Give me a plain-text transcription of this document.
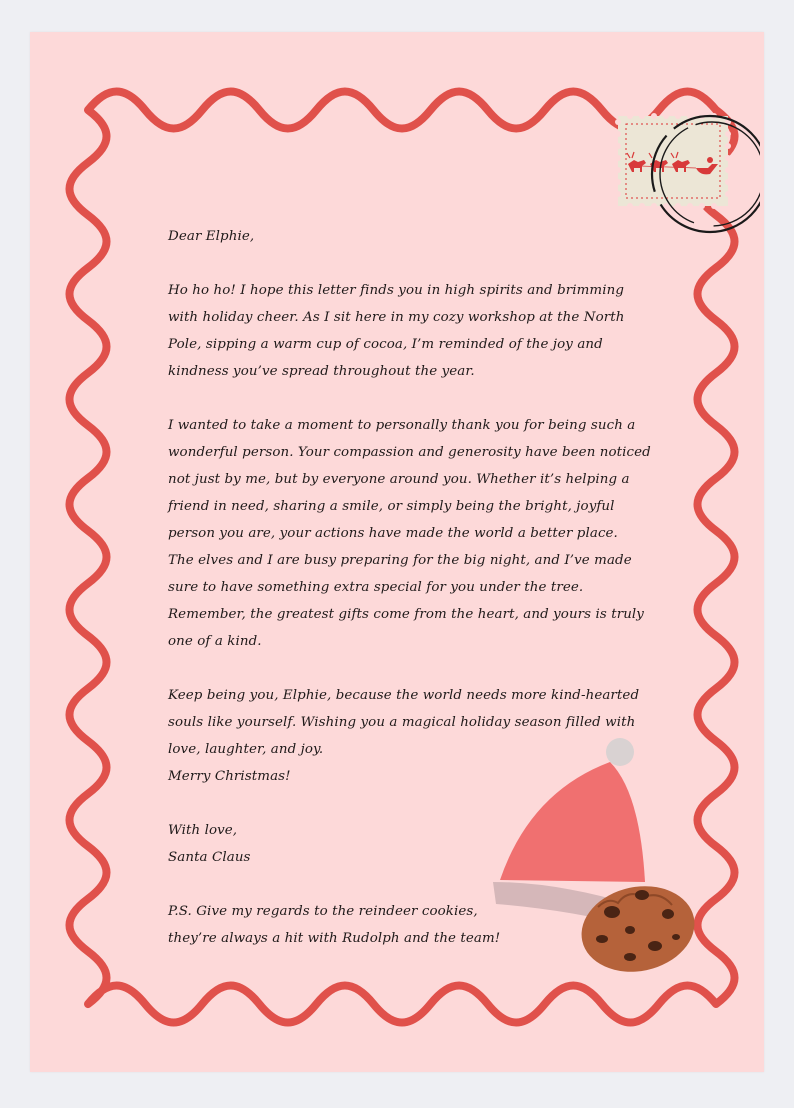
Dear Elphie,
Ho ho ho! I hope this letter finds you in high spirits and brimming
with holiday cheer. As I sit here in my cozy workshop at the North
Pole, sipping a warm cup of cocoa, I’m reminded of the joy and
kindness you’ve spread throughout the year.
I wanted to take a moment to personally thank you for being such a
wonderful person. Your compassion and generosity have been noticed
not just by me, but by everyone around you. Whether it’s helping a
friend in need, sharing a smile, or simply being the bright, joyful
person you are, your actions have made the world a better place.
The elves and I are busy preparing for the big night, and I’ve made
sure to have something extra special for you under the tree.
Remember, the greatest gifts come from the heart, and yours is truly
one of a kind.
Keep being you, Elphie, because the world needs more kind-hearted
souls like yourself. Wishing you a magical holiday season filled with
love, laughter, and joy.
Merry Christmas!
With love,
Santa Claus
P.S. Give my regards to the reindeer cookies,
they’re always a hit with Rudolph and the team!
